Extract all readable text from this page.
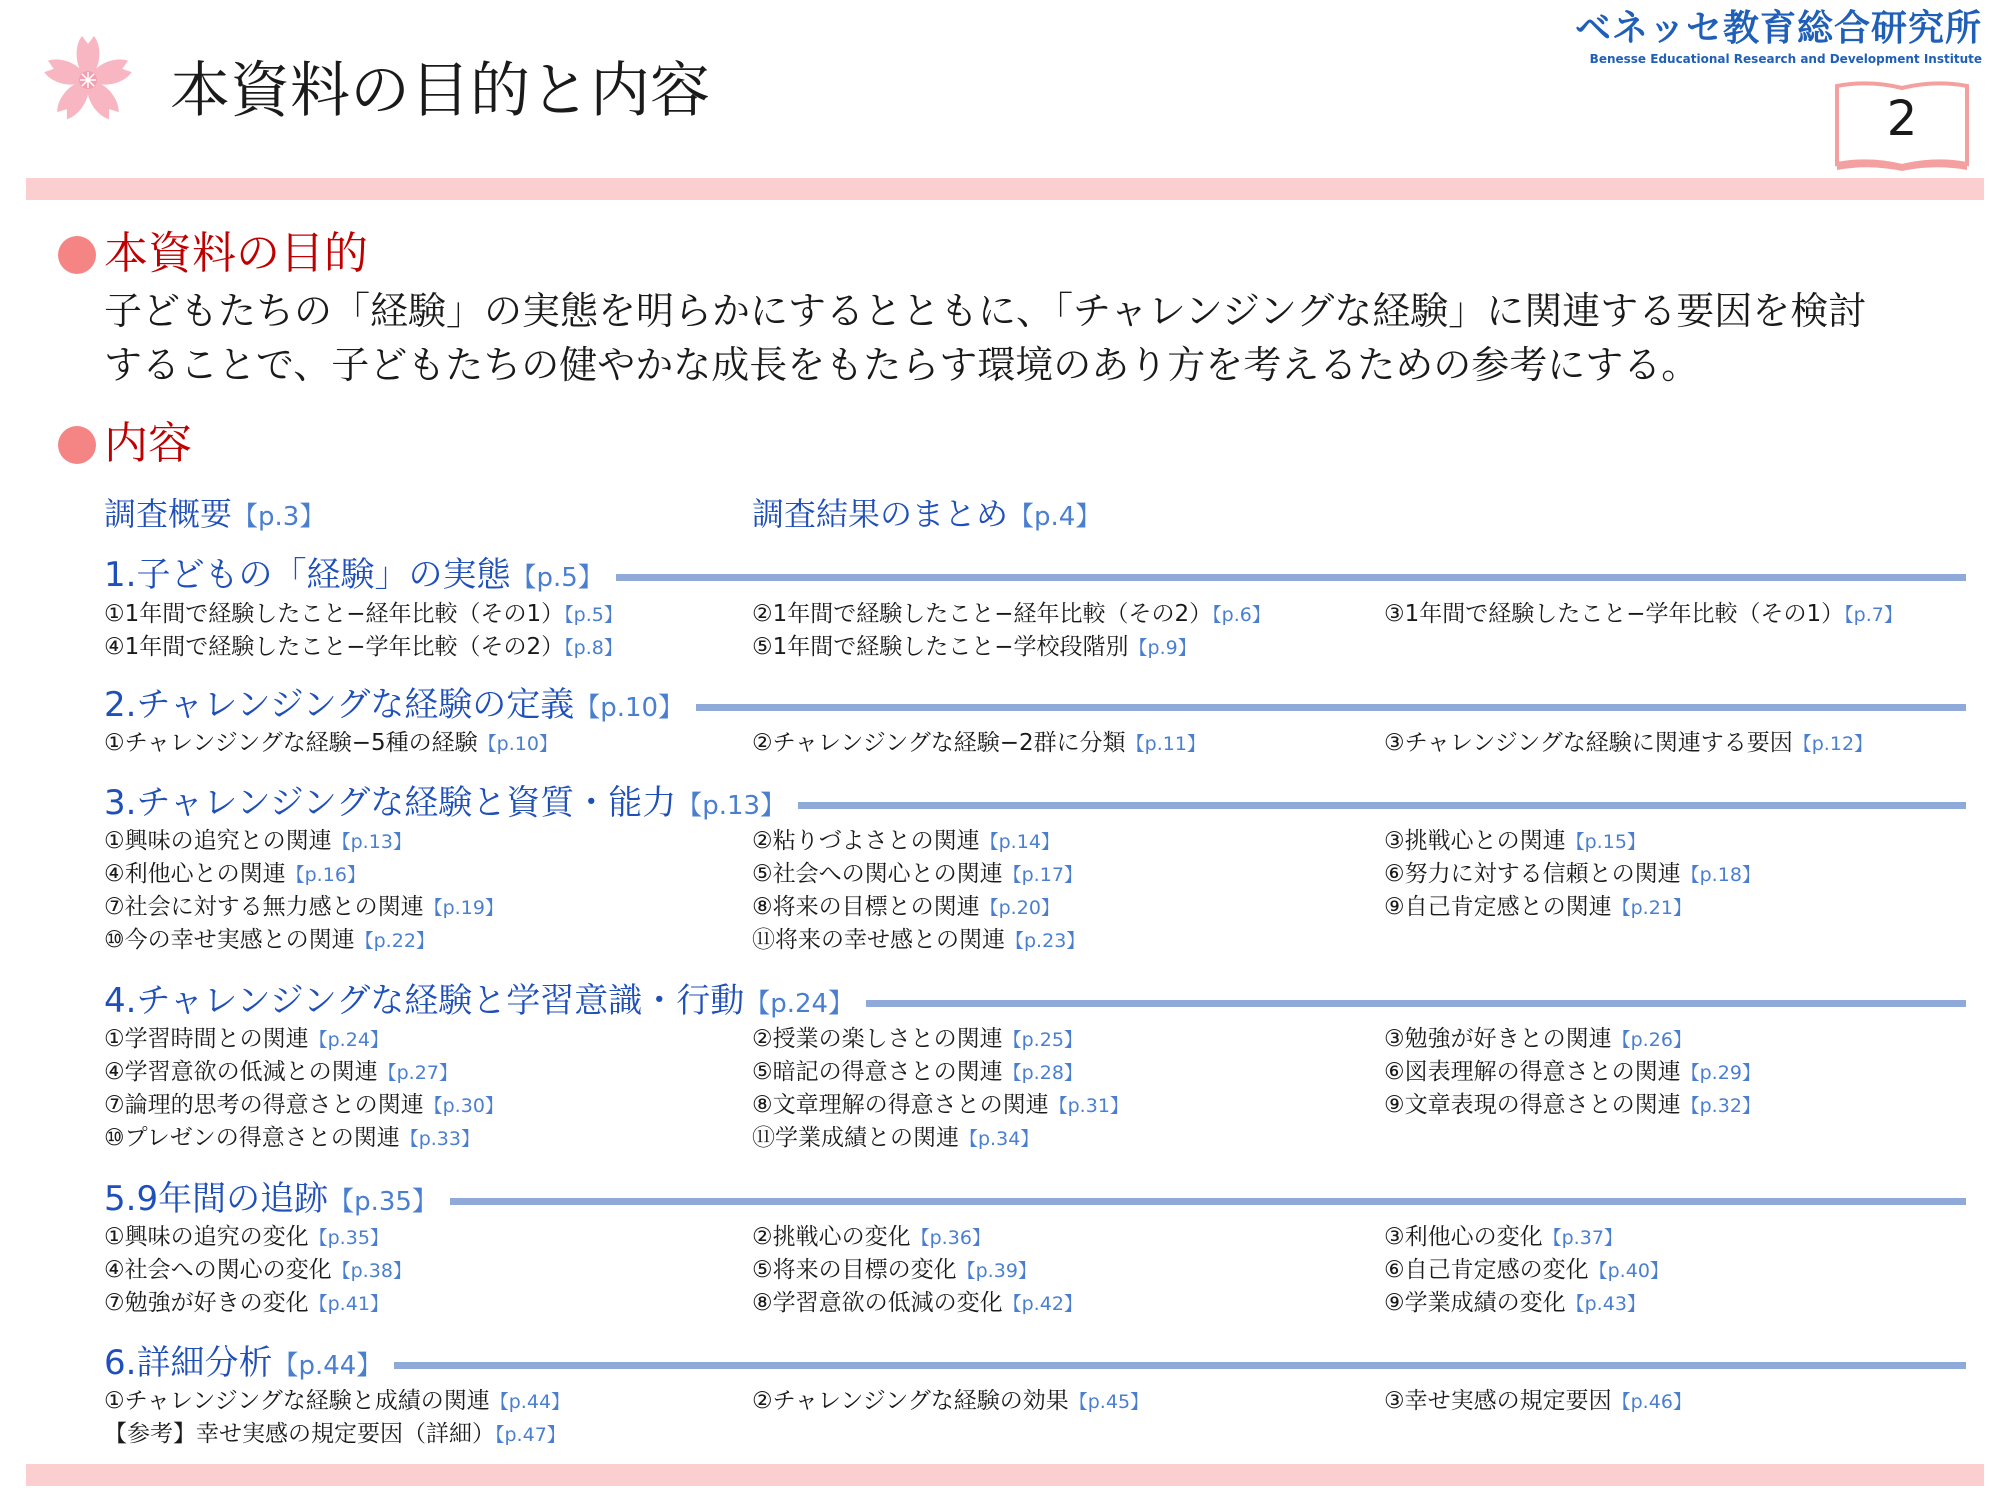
本資料の目的と内容
ベネッセ教育総合研究所
Benesse Educational Research and Development Institute
2
本資料の目的
子どもたちの「経験」の実態を明らかにするとともに、「チャレンジングな経験」に関連する要因を検討
することで、子どもたちの健やかな成長をもたらす環境のあり方を考えるための参考にする。
内容
調査概要【p.3】	調査結果のまとめ【p.4】
1.子どもの「経験」の実態【p.5】
①1年間で経験したこと−経年比較（その1）【p.5】	②1年間で経験したこと−経年比較（その2）【p.6】	③1年間で経験したこと−学年比較（その1）【p.7】
④1年間で経験したこと−学年比較（その2）【p.8】	⑤1年間で経験したこと−学校段階別【p.9】
2.チャレンジングな経験の定義【p.10】
①チャレンジングな経験−5種の経験【p.10】	②チャレンジングな経験−2群に分類【p.11】	③チャレンジングな経験に関連する要因【p.12】
3.チャレンジングな経験と資質・能力【p.13】
①興味の追究との関連【p.13】	②粘りづよさとの関連【p.14】	③挑戦心との関連【p.15】
④利他心との関連【p.16】	⑤社会への関心との関連【p.17】	⑥努力に対する信頼との関連【p.18】
⑦社会に対する無力感との関連【p.19】	⑧将来の目標との関連【p.20】	⑨自己肯定感との関連【p.21】
⑩今の幸せ実感との関連【p.22】	⑪将来の幸せ感との関連【p.23】
4.チャレンジングな経験と学習意識・行動【p.24】
①学習時間との関連【p.24】	②授業の楽しさとの関連【p.25】	③勉強が好きとの関連【p.26】
④学習意欲の低減との関連【p.27】	⑤暗記の得意さとの関連【p.28】	⑥図表理解の得意さとの関連【p.29】
⑦論理的思考の得意さとの関連【p.30】	⑧文章理解の得意さとの関連【p.31】	⑨文章表現の得意さとの関連【p.32】
⑩プレゼンの得意さとの関連【p.33】	⑪学業成績との関連【p.34】
5.9年間の追跡【p.35】
①興味の追究の変化【p.35】	②挑戦心の変化【p.36】	③利他心の変化【p.37】
④社会への関心の変化【p.38】	⑤将来の目標の変化【p.39】	⑥自己肯定感の変化【p.40】
⑦勉強が好きの変化【p.41】	⑧学習意欲の低減の変化【p.42】	⑨学業成績の変化【p.43】
6.詳細分析【p.44】
①チャレンジングな経験と成績の関連【p.44】	②チャレンジングな経験の効果【p.45】	③幸せ実感の規定要因【p.46】
【参考】幸せ実感の規定要因（詳細）【p.47】
